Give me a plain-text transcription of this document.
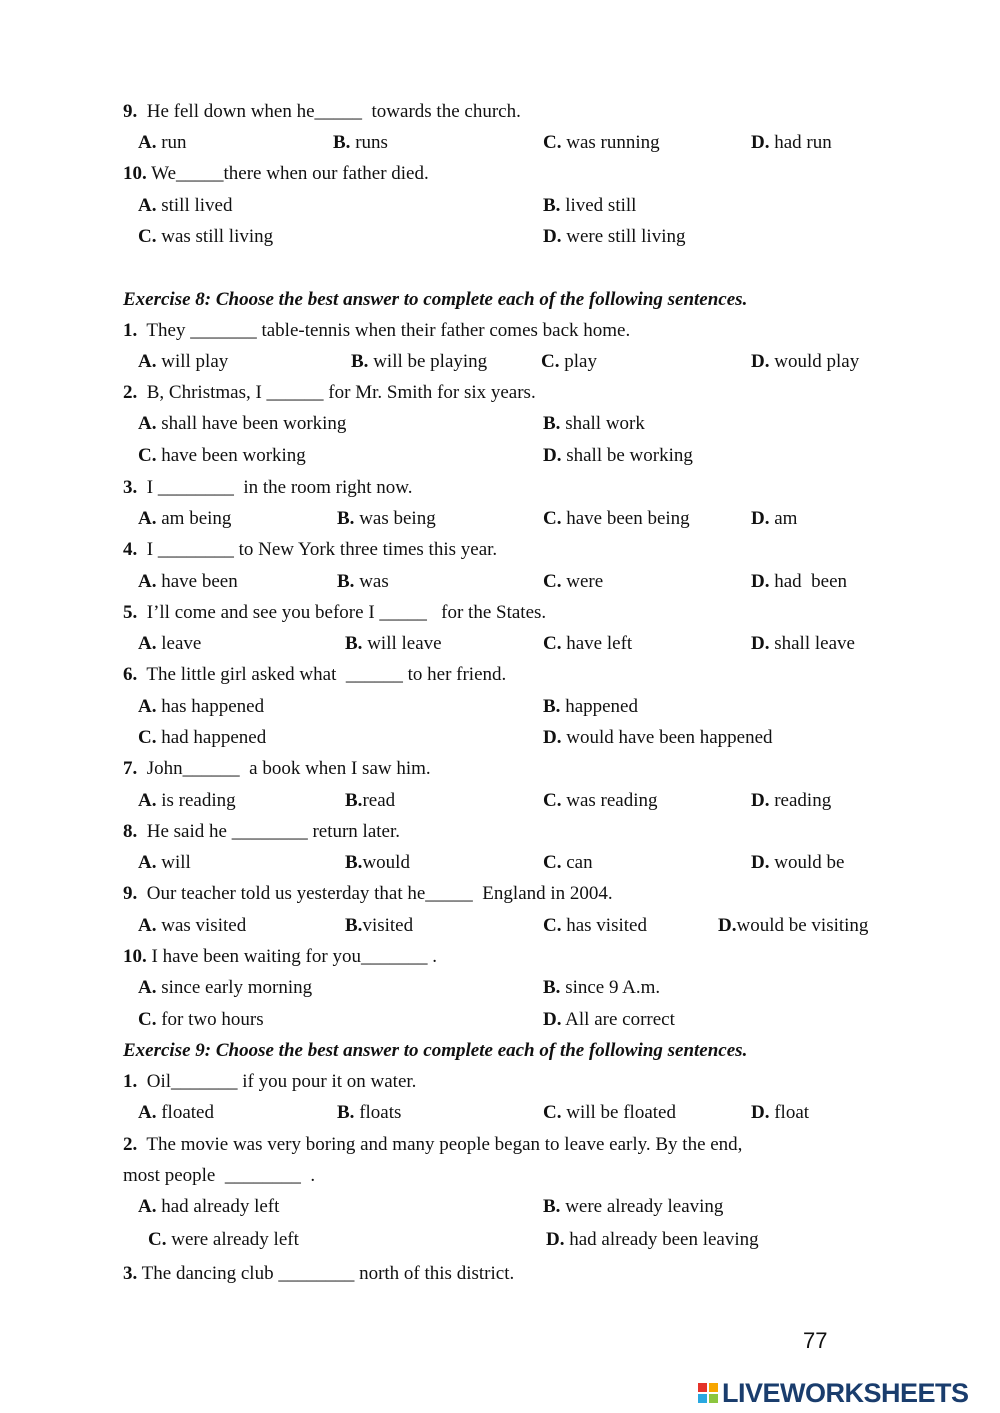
9. He fell down when he_____  towards the church.
A. run	B. runs	C. was running	D. had run
10. We_____there when our father died.
A. still lived	B. lived still
C. was still living	D. were still living
Exercise 8: Choose the best answer to complete each of the following sentences.
1. They _______ table-tennis when their father comes back home.
A. will play	B. will be playing	C. play	D. would play
2. B, Christmas, I ______ for Mr. Smith for six years.
A. shall have been working	B. shall work
C. have been working	D. shall be working
3. I ________  in the room right now.
A. am being	B. was being	C. have been being	D. am
4. I ________ to New York three times this year.
A. have been	B. was	C. were	D. had  been
5. I’ll come and see you before I _____   for the States.
A. leave	B. will leave	C. have left	D. shall leave
6. The little girl asked what  ______ to her friend.
A. has happened	B. happened
C. had happened	D. would have been happened
7. John______  a book when I saw him.
A. is reading	B.read	C. was reading	D. reading
8. He said he ________ return later.
A. will	B.would	C. can	D. would be
9. Our teacher told us yesterday that he_____  England in 2004.
A. was visited	B.visited	C. has visited	D.would be visiting
10. I have been waiting for you_______ .
A. since early morning	B. since 9 A.m.
C. for two hours	D. All are correct
Exercise 9: Choose the best answer to complete each of the following sentences.
1. Oil_______ if you pour it on water.
A. floated	B. floats	C. will be floated	D. float
2. The movie was very boring and many people began to leave early. By the end,
most people  ________  .
A. had already left	B. were already leaving
C. were already left	D. had already been leaving
3. The dancing club ________ north of this district.
77
LIVEWORKSHEETS
